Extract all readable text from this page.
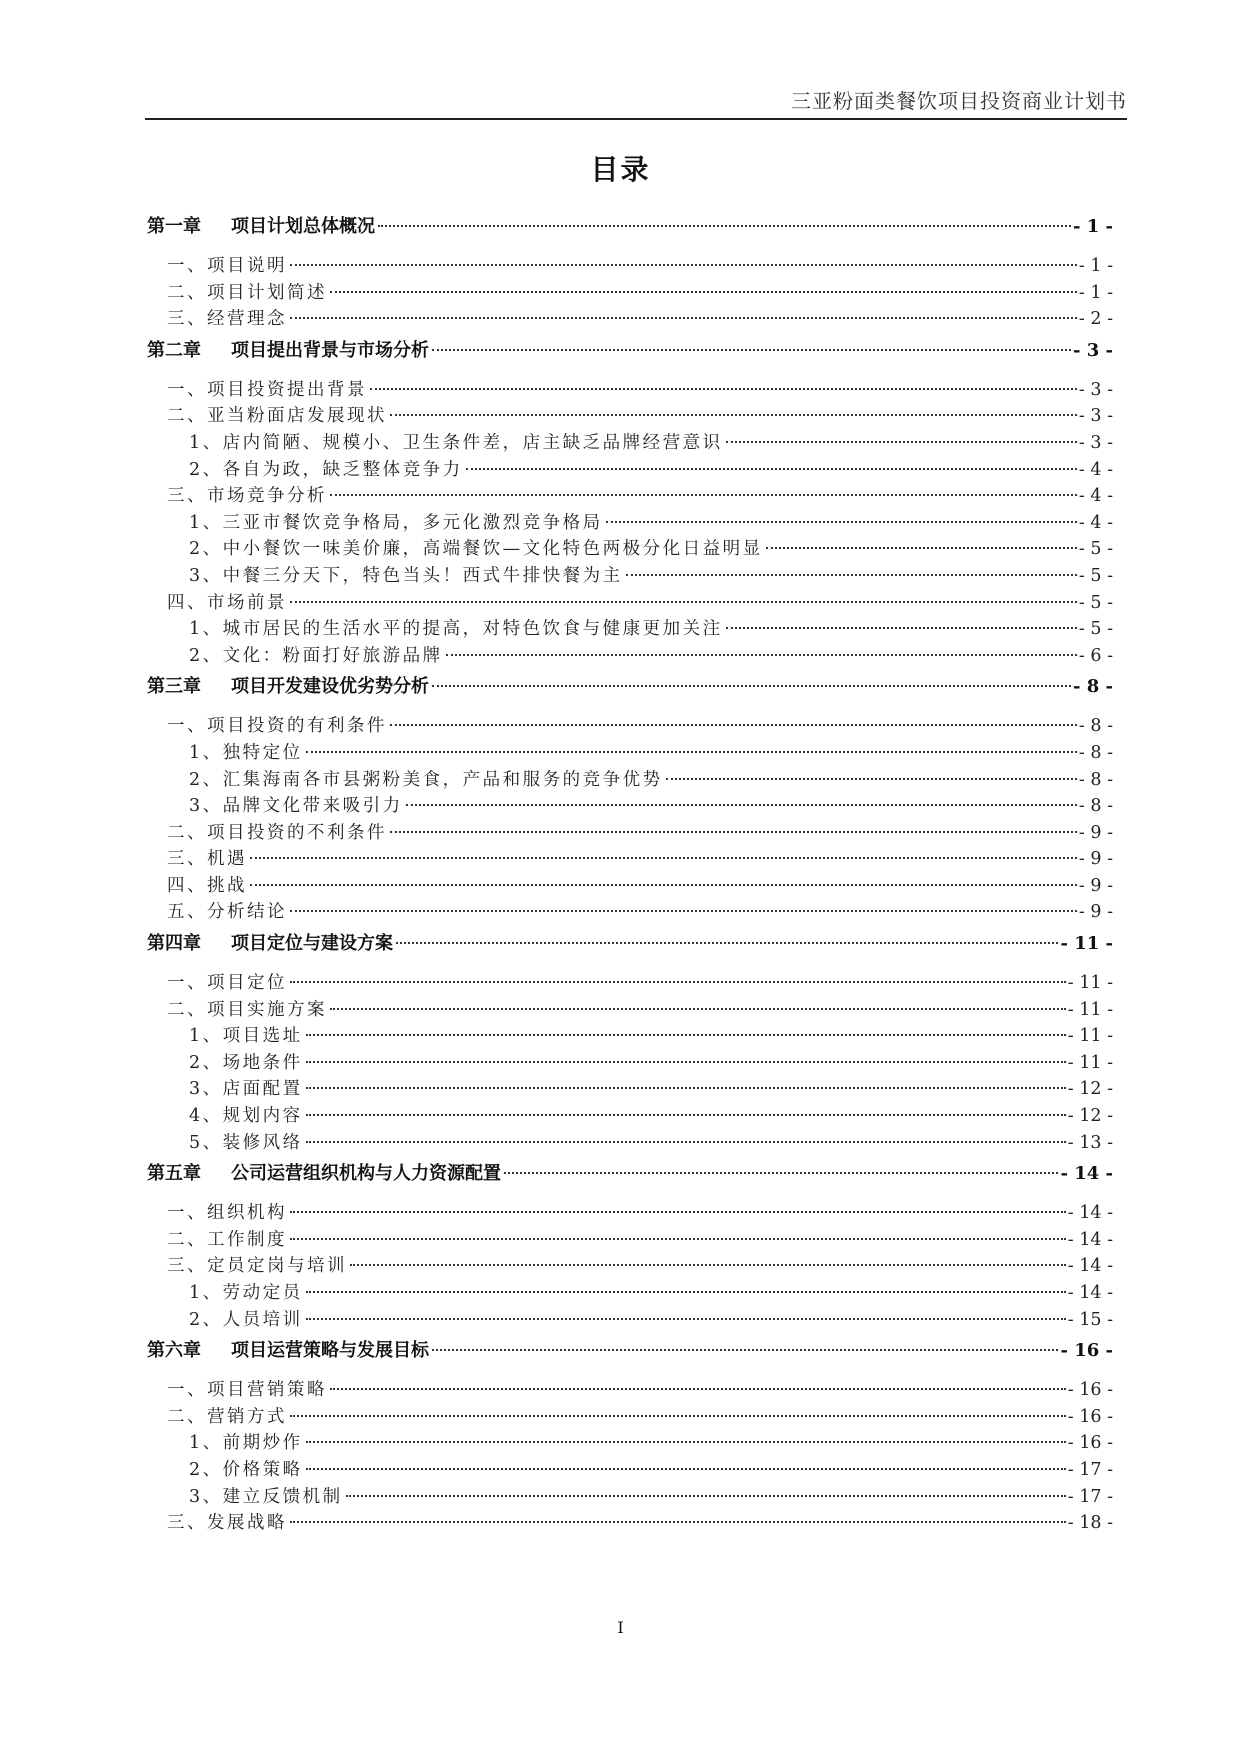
三亚粉面类餐饮项目投资商业计划书
目录
第一章 项目计划总体概况	- 1 -
一、项目说明	- 1 -
二、项目计划简述	- 1 -
三、经营理念	- 2 -
第二章 项目提出背景与市场分析	- 3 -
一、项目投资提出背景	- 3 -
二、亚当粉面店发展现状	- 3 -
1、店内简陋、规模小、卫生条件差，店主缺乏品牌经营意识	- 3 -
2、各自为政，缺乏整体竞争力	- 4 -
三、市场竞争分析	- 4 -
1、三亚市餐饮竞争格局，多元化激烈竞争格局	- 4 -
2、中小餐饮一味美价廉，高端餐饮—文化特色两极分化日益明显	- 5 -
3、中餐三分天下，特色当头！西式牛排快餐为主	- 5 -
四、市场前景	- 5 -
1、城市居民的生活水平的提高，对特色饮食与健康更加关注	- 5 -
2、文化：粉面打好旅游品牌	- 6 -
第三章 项目开发建设优劣势分析	- 8 -
一、项目投资的有利条件	- 8 -
1、独特定位	- 8 -
2、汇集海南各市县粥粉美食，产品和服务的竞争优势	- 8 -
3、品牌文化带来吸引力	- 8 -
二、项目投资的不利条件	- 9 -
三、机遇	- 9 -
四、挑战	- 9 -
五、分析结论	- 9 -
第四章 项目定位与建设方案	- 11 -
一、项目定位	- 11 -
二、项目实施方案	- 11 -
1、项目选址	- 11 -
2、场地条件	- 11 -
3、店面配置	- 12 -
4、规划内容	- 12 -
5、装修风络	- 13 -
第五章 公司运营组织机构与人力资源配置	- 14 -
一、组织机构	- 14 -
二、工作制度	- 14 -
三、定员定岗与培训	- 14 -
1、劳动定员	- 14 -
2、人员培训	- 15 -
第六章 项目运营策略与发展目标	- 16 -
一、项目营销策略	- 16 -
二、营销方式	- 16 -
1、前期炒作	- 16 -
2、价格策略	- 17 -
3、建立反馈机制	- 17 -
三、发展战略	- 18 -
I
